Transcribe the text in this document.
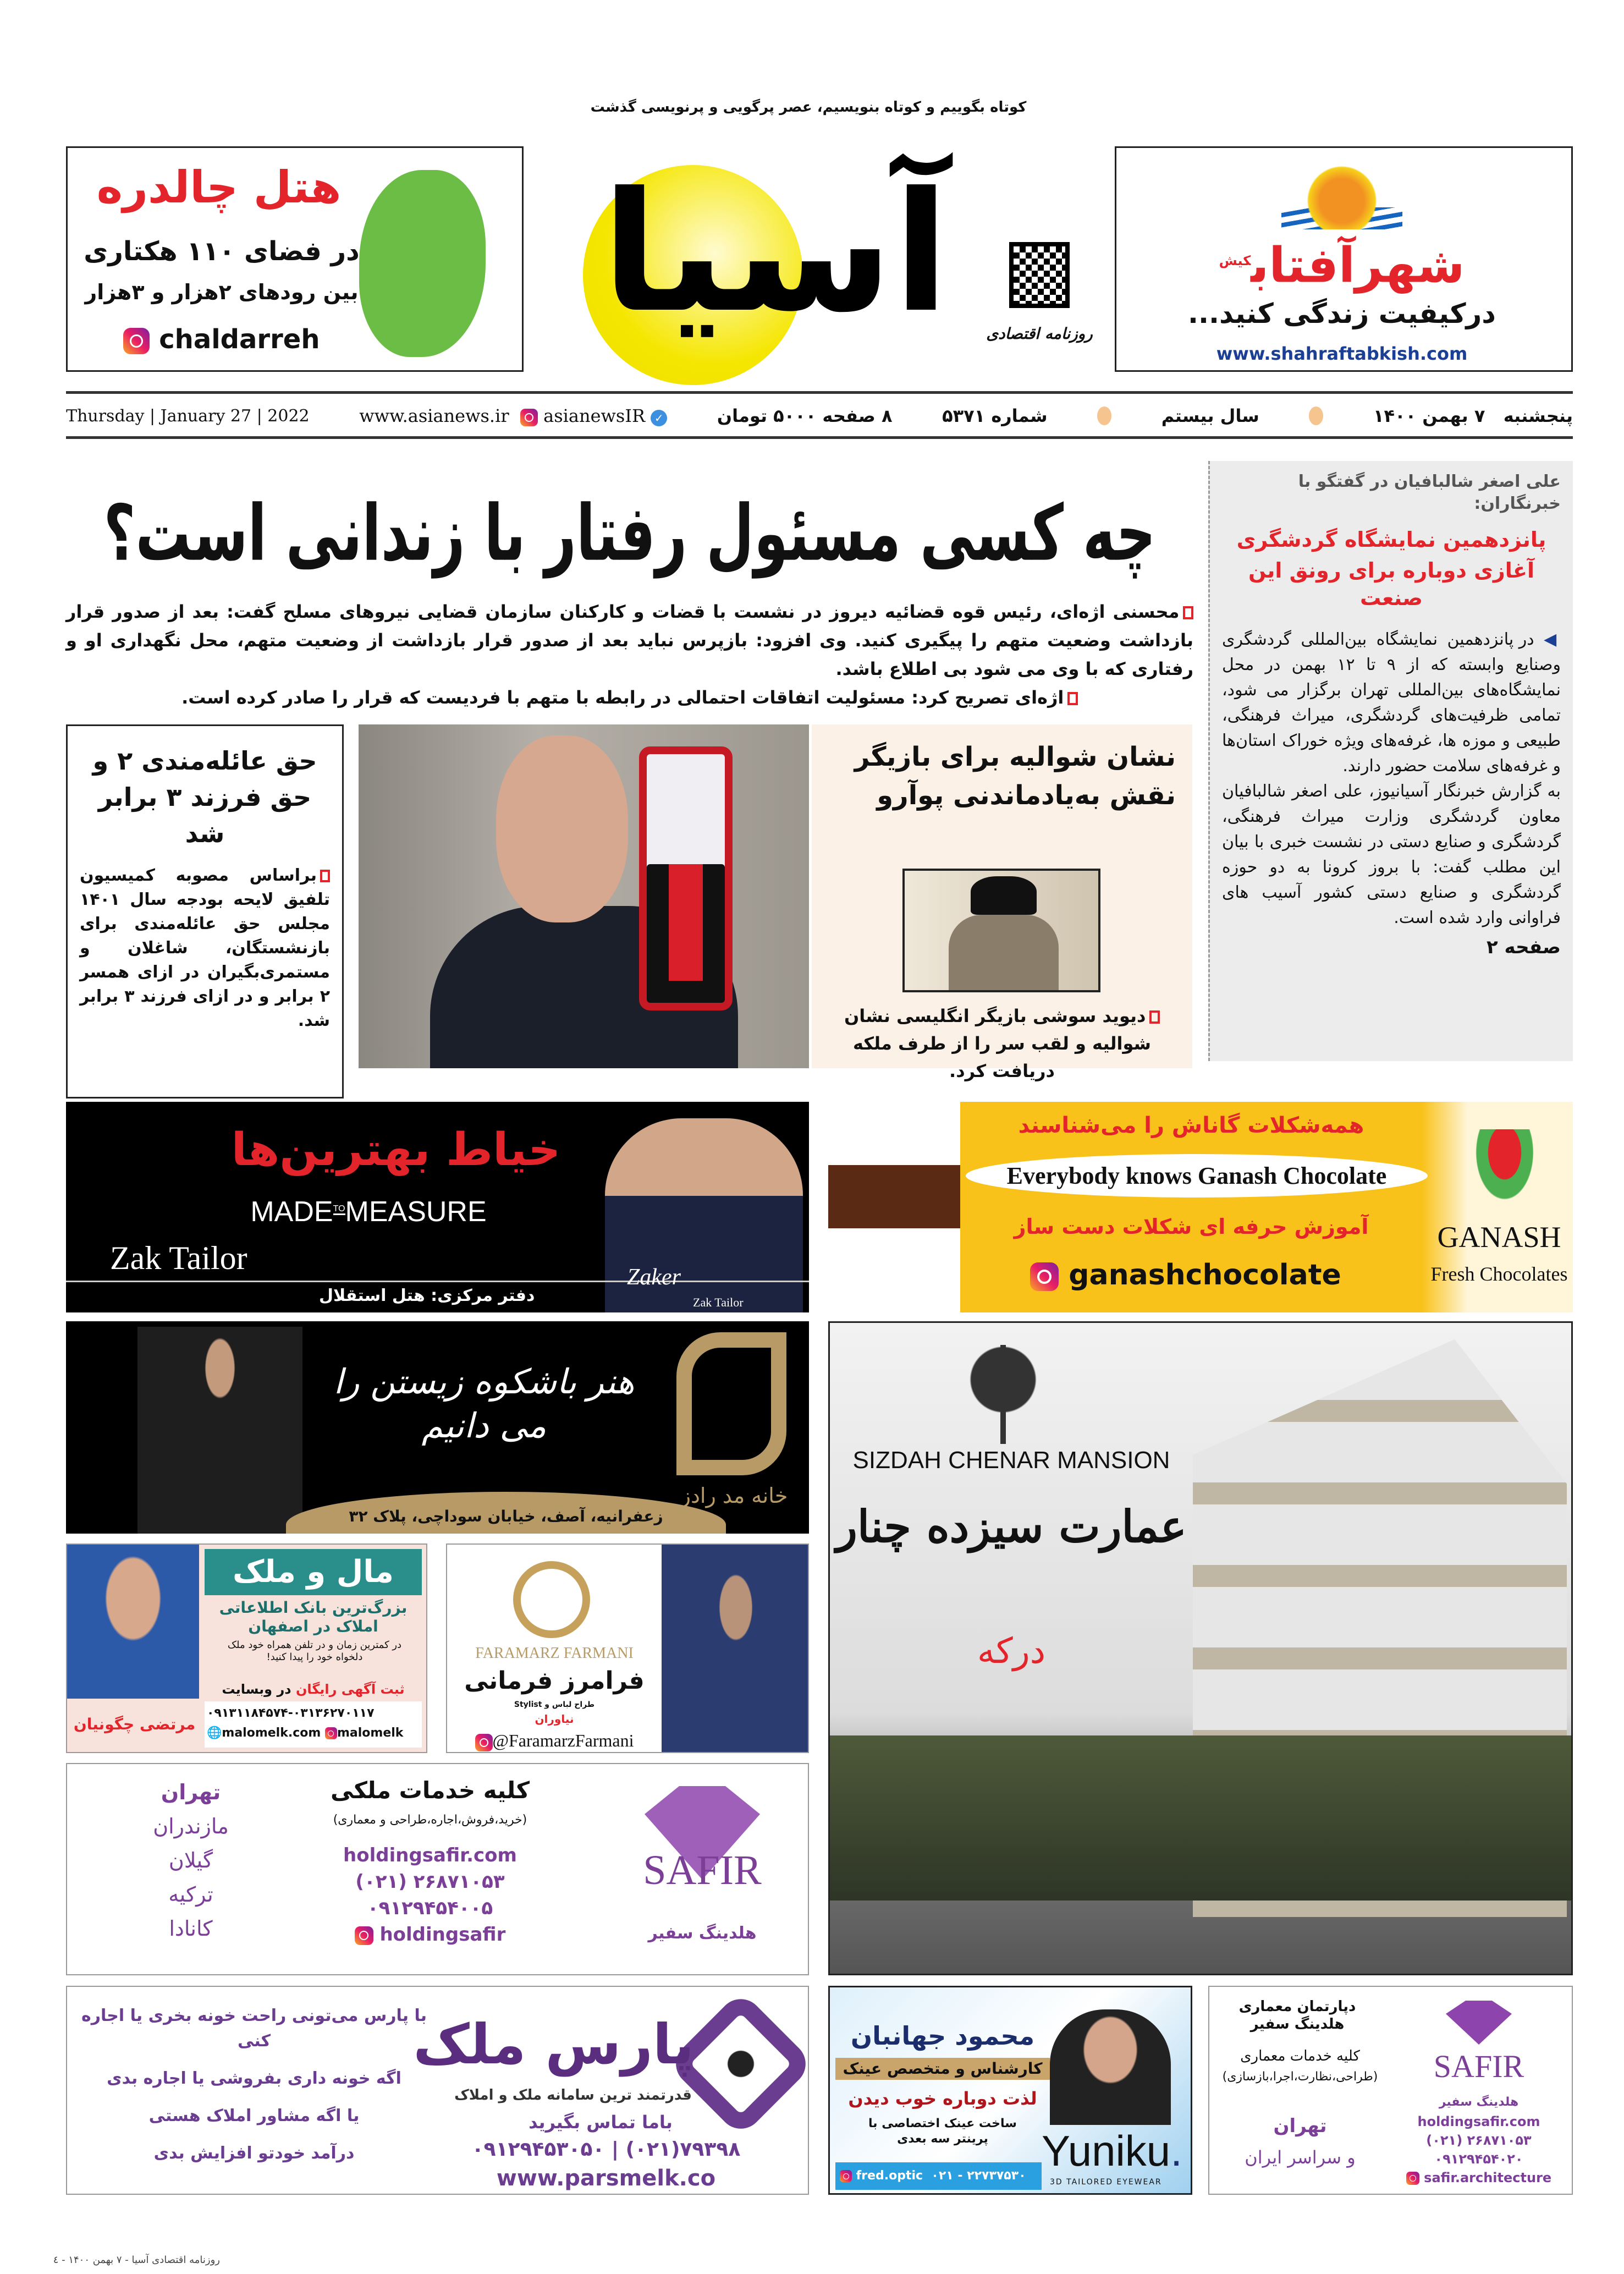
کوتاه بگوییم و کوتاه بنویسیم، عصر پرگویی و پرنویسی گذشت
آسیا	روزنامه اقتصادی
هتل چالدره
در فضای ۱۱۰ هکتاری
بین رودهای ۲هزار و ۳هزار
chaldarreh
شهرآفتاب$^{کیش}$
درکیفیت زندگی کنید...
www.shahraftabkish.com
پنجشنبه   ۷ بهمن ۱۴۰۰
سال بیستم
شماره ۵۳۷۱
۸ صفحه ۵۰۰۰ تومان
www.asianews.ir asianewsIR ✓
Thursday | January 27 | 2022
علی اصغر شالبافیان در گفتگو با خبرنگاران:
پانزدهمین نمایشگاه گردشگری
آغازی دوباره برای رونق این صنعت
◀ در پانزدهمین نمایشگاه بین‌المللی گردشگری وصنایع وابسته که از ۹ تا ۱۲ بهمن در محل نمایشگاه‌های بین‌المللی تهران برگزار می شود، تمامی ظرفیت‌های گردشگری، میراث فرهنگی، طبیعی و موزه ها، غرفه‌های ویژه خوراک استان‌ها و غرفه‌های سلامت حضور دارند.
به گزارش خبرنگار آسیانیوز، علی اصغر شالبافیان معاون گردشگری وزارت میراث فرهنگی، گردشگری و صنایع دستی در نشست خبری با بیان این مطلب گفت: با بروز کرونا به دو حوزه گردشگری و صنایع دستی کشور آسیب های فراوانی وارد شده است.
صفحه ۲
چه کسی مسئول رفتار با زندانی است؟
محسنی اژه‌ای، رئیس قوه قضائیه دیروز در نشست با قضات و کارکنان سازمان قضایی نیروهای مسلح گفت: بعد از صدور قرار بازداشت وضعیت متهم را پیگیری کنید. وی افزود: بازپرس نباید بعد از صدور قرار بازداشت از وضعیت متهم، محل نگهداری او و رفتاری که با وی می شود بی اطلاع باشد.

اژه‌ای تصریح کرد: مسئولیت اتفاقات احتمالی در رابطه با متهم با فردیست که قرار را صادر کرده است.
حق عائله‌مندی ۲ و حق فرزند ۳ برابر شد
براساس مصوبه کمیسیون تلفیق لایحه بودجه سال ۱۴۰۱ مجلس حق عائله‌مندی برای بازنشستگان، شاغلان و مستمری‌بگیران در ازای همسر ۲ برابر و در ازای فرزند ۳ برابر شد.
نشان شوالیه برای بازیگر نقش به‌یادماندنی پوآرو
دیوید سوشی بازیگر انگلیسی نشان شوالیه و لقب سر را از طرف ملکه دریافت کرد.
خیاط بهترین‌ها
$MADE^{TO}MEASURE$
Zak Tailor
دفتر مرکزی: هتل استقلال
Zaker
Zak Tailor
GANASH
Fresh Chocolates
همه‌شکلات گاناش را می‌شناسند
Everybody knows Ganash Chocolate
آموزش حرفه ای شکلات دست ساز
ganashchocolate
هنر باشکوه زیستن را می دانیم
زعفرانیه، آصف، خیابان سوداچی، پلاک ۳۲
خانه مد رادز
SIZDAH CHENAR MANSION
عمارت سیزده چنار
درکه
مال و ملک
بزرگ‌ترین بانک اطلاعاتی املاک در اصفهان
در کمترین زمان و در تلفن همراه خود ملک دلخواه خود را پیدا کنید!
ثبت آگهی رایگان در وبسایت
۰۹۱۳۱۱۸۴۵۷۴-۰۳۱۳۶۲۷۰۱۱۷
🌐malomelk.com malomelk
مرتضی چگونیان
FARAMARZ FARMANI
فرامرز فرمانی
طراح لباس و Stylist
نیاوران
@FaramarzFarmani
SAFIR
هلدینگ سفیر
کلیه خدمات ملکی
(خرید،فروش،اجاره،طراحی و معماری)
holdingsafir.com
(۰۲۱) ۲۶۸۷۱۰۵۳
۰۹۱۲۹۴۵۴۰۰۵
holdingsafir
تهران
مازندران
گیلان
ترکیه
کانادا
با پارس می‌تونی راحت خونه بخری یا اجاره کنی
اگه خونه داری بفروشی یا اجاره بدی
یا اگه مشاور املاک هستی
درآمد خودتو افزایش بدی
پارس ملک
قدرتمند ترین سامانه ملک و املاک
باما تماس بگیرید
۰۹۱۲۹۴۵۳۰۵۰ | (۰۲۱)۷۹۳۹۸
www.parsmelk.co
محمود جهانبان
کارشناس و متخصص عینک
لذت دوباره خوب دیدن
ساخت عینک اختصاصی با پرینتر سه بعدی	Yuniku.
3D TAILORED EYEWEAR
fred.optic ۰۲۱ - ۲۲۷۳۷۵۳۰
دپارتمان معماری هلدینگ سفیر
کلیه خدمات معماری
(طراحی،نظارت،اجرا،بازسازی)
تهران
و سراسر ایران
SAFIR
هلدینگ سفیر
holdingsafir.com
(۰۲۱) ۲۶۸۷۱۰۵۳
۰۹۱۲۹۴۵۴۰۲۰
safir.architecture
روزنامه اقتصادی آسیا - ۷ بهمن ۱۴۰۰ - ٤
